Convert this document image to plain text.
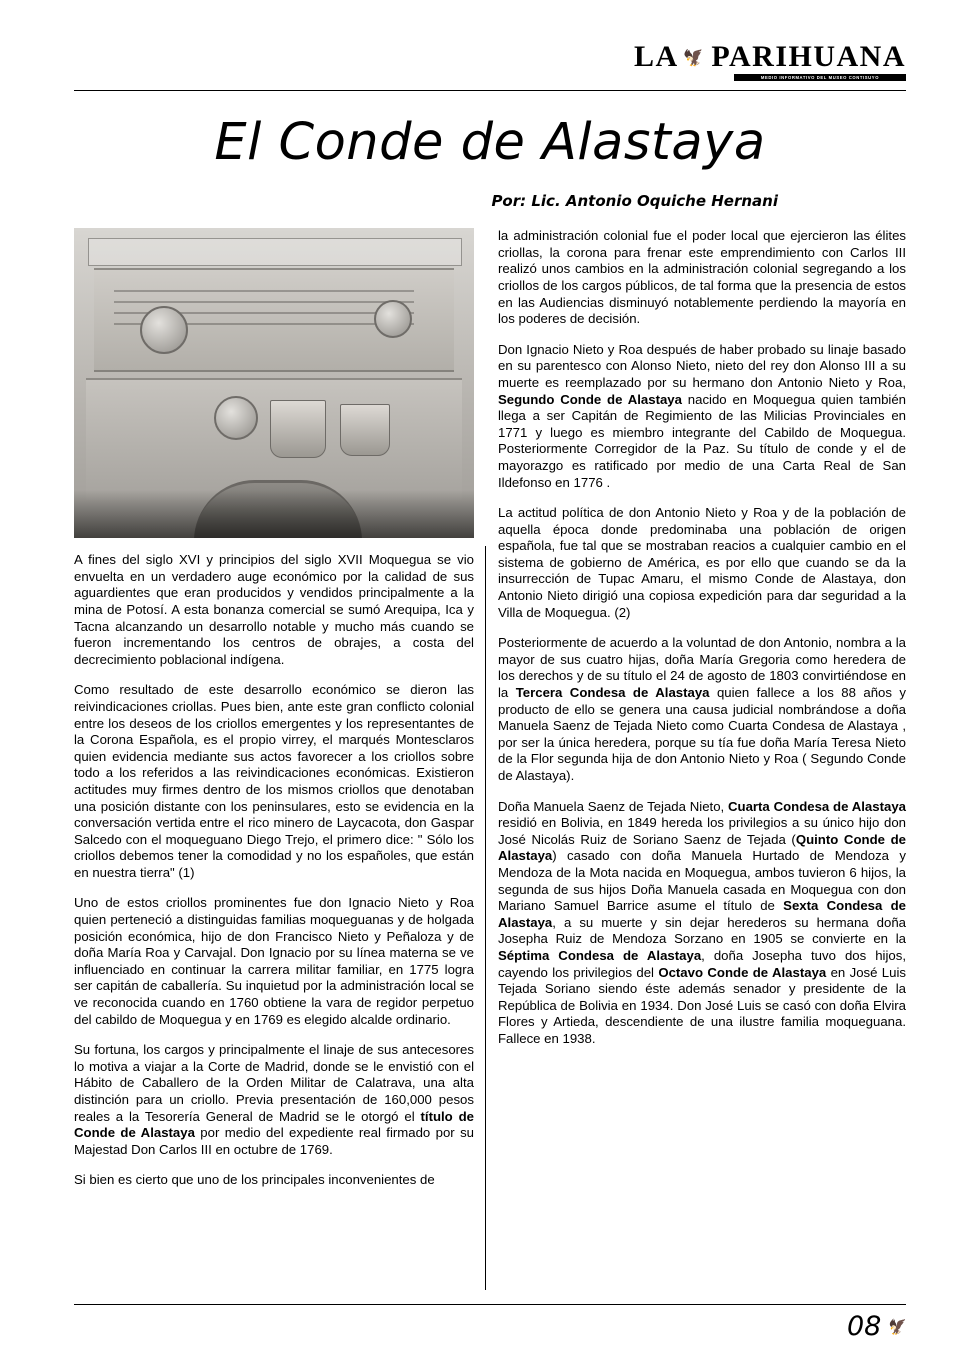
LA 🦅 PARIHUANA
MEDIO INFORMATIVO DEL MUSEO CONTISUYO
El Conde de Alastaya
Por: Lic. Antonio Oquiche Hernani

A fines del siglo XVI y principios del siglo XVII Moquegua se vio envuelta en un verdadero auge económico por la calidad de sus aguardientes que eran producidos y vendidos principalmente a la mina de Potosí. A esta bonanza comercial se sumó Arequipa, Ica y Tacna alcanzando un desarrollo notable y mucho más cuando se fueron incrementando los centros de obrajes, a costa del decrecimiento poblacional indígena.

Como resultado de este desarrollo económico se dieron las reivindicaciones criollas. Pues bien, ante este gran conflicto colonial entre los deseos de los criollos emergentes y los representantes de la Corona Española, es el propio virrey, el marqués Montesclaros quien evidencia mediante sus actos favorecer a los criollos sobre todo a los referidos a las reivindicaciones económicas. Existieron actitudes muy firmes dentro de los mismos criollos que denotaban una posición distante con los peninsulares, esto se evidencia en la conversación vertida entre el rico minero de Laycacota, don Gaspar Salcedo con el moqueguano Diego Trejo, el primero dice: " Sólo los criollos debemos tener la comodidad y no los españoles, que están en nuestra tierra" (1)

Uno de estos criollos prominentes fue don Ignacio Nieto y Roa quien perteneció a distinguidas familias moqueguanas y de holgada posición económica, hijo de don Francisco Nieto y Peñaloza y de doña María Roa y Carvajal. Don Ignacio por su línea materna se ve influenciado en continuar la carrera militar familiar, en 1775 logra ser capitán de caballería. Su inquietud por la administración local se ve reconocida cuando en 1760 obtiene la vara de regidor perpetuo del cabildo de Moquegua y en 1769 es elegido alcalde ordinario.

Su fortuna, los cargos y principalmente el linaje de sus antecesores lo motiva a viajar a la Corte de Madrid, donde se le envistió con el Hábito de Caballero de la Orden Militar de Calatrava, una alta distinción para un criollo. Previa presentación de 160,000 pesos reales a la Tesorería General de Madrid se le otorgó el título de Conde de Alastaya por medio del expediente real firmado por su Majestad Don Carlos III en octubre de 1769.

Si bien es cierto que uno de los principales inconvenientes de

la administración colonial fue el poder local que ejercieron las élites criollas, la corona para frenar este emprendimiento con Carlos III realizó unos cambios en la administración colonial segregando a los criollos de los cargos públicos, de tal forma que la presencia de estos en las Audiencias disminuyó notablemente perdiendo la mayoría en los poderes de decisión.

Don Ignacio Nieto y Roa después de haber probado su linaje basado en su parentesco con Alonso Nieto, nieto del rey don Alonso III a su muerte es reemplazado por su hermano don Antonio Nieto y Roa, Segundo Conde de Alastaya nacido en Moquegua quien también llega a ser Capitán de Regimiento de las Milicias Provinciales en 1771 y luego es miembro integrante del Cabildo de Moquegua. Posteriormente Corregidor de la Paz. Su título de conde y el de mayorazgo es ratificado por medio de una Carta Real de San Ildefonso en 1776 .

La actitud política de don Antonio Nieto y Roa y de la población de aquella época donde predominaba una población de origen española, fue tal que se mostraban reacios a cualquier cambio en el sistema de gobierno de América, es por ello que cuando se da la insurrección de Tupac Amaru, el mismo Conde de Alastaya, don Antonio Nieto dirigió una copiosa expedición para dar seguridad a la Villa de Moquegua. (2)

Posteriormente de acuerdo a la voluntad de don Antonio, nombra a la mayor de sus cuatro hijas, doña María Gregoria como heredera de los derechos y de su título el 24 de agosto de 1803 convirtiéndose en la Tercera Condesa de Alastaya quien fallece a los 88 años y producto de ello se genera una causa judicial nombrándose a doña Manuela Saenz de Tejada Nieto como Cuarta Condesa de Alastaya , por ser la única heredera, porque su tía fue doña María Teresa Nieto de la Flor segunda hija de don Antonio Nieto y Roa ( Segundo Conde de Alastaya).

Doña Manuela Saenz de Tejada Nieto, Cuarta Condesa de Alastaya residió en Bolivia, en 1849 hereda los privilegios a su único hijo don José Nicolás Ruiz de Soriano Saenz de Tejada (Quinto Conde de Alastaya) casado con doña Manuela Hurtado de Mendoza y Mendoza de la Mota nacida en Moquegua, ambos tuvieron 6 hijos, la segunda de sus hijos Doña Manuela casada en Moquegua con don Mariano Samuel Barrice asume el título de Sexta Condesa de Alastaya, a su muerte y sin dejar herederos su hermana doña Josepha Ruiz de Mendoza Sorzano en 1905 se convierte en la Séptima Condesa de Alastaya, doña Josepha tuvo dos hijos, cayendo los privilegios del Octavo Conde de Alastaya en José Luis Tejada Soriano siendo éste además senador y presidente de la República de Bolivia en 1934. Don José Luis se casó con doña Elvira Flores y Artieda, descendiente de una ilustre familia moqueguana. Fallece en 1938.

08 🦅
